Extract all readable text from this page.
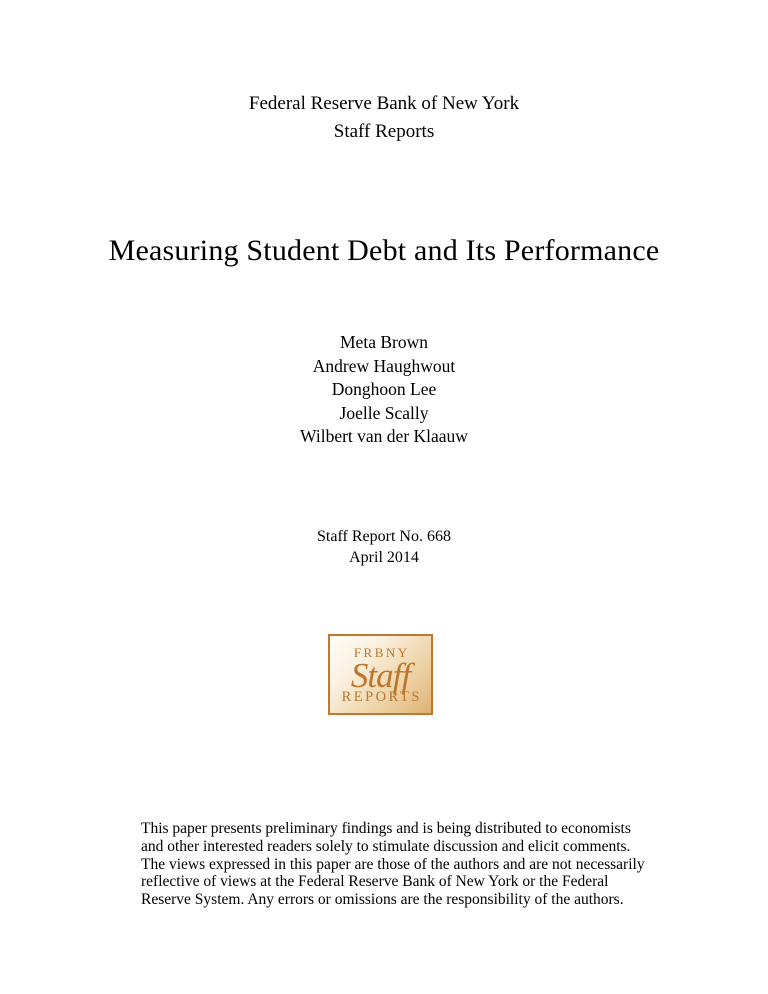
Federal Reserve Bank of New York
Staff Reports
Measuring Student Debt and Its Performance
Meta Brown
Andrew Haughwout
Donghoon Lee
Joelle Scally
Wilbert van der Klaauw
Staff Report No. 668
April 2014
FRBNY
Staff
REPORTS
This paper presents preliminary findings and is being distributed to economists
and other interested readers solely to stimulate discussion and elicit comments.
The views expressed in this paper are those of the authors and are not necessarily
reflective of views at the Federal Reserve Bank of New York or the Federal
Reserve System. Any errors or omissions are the responsibility of the authors.
